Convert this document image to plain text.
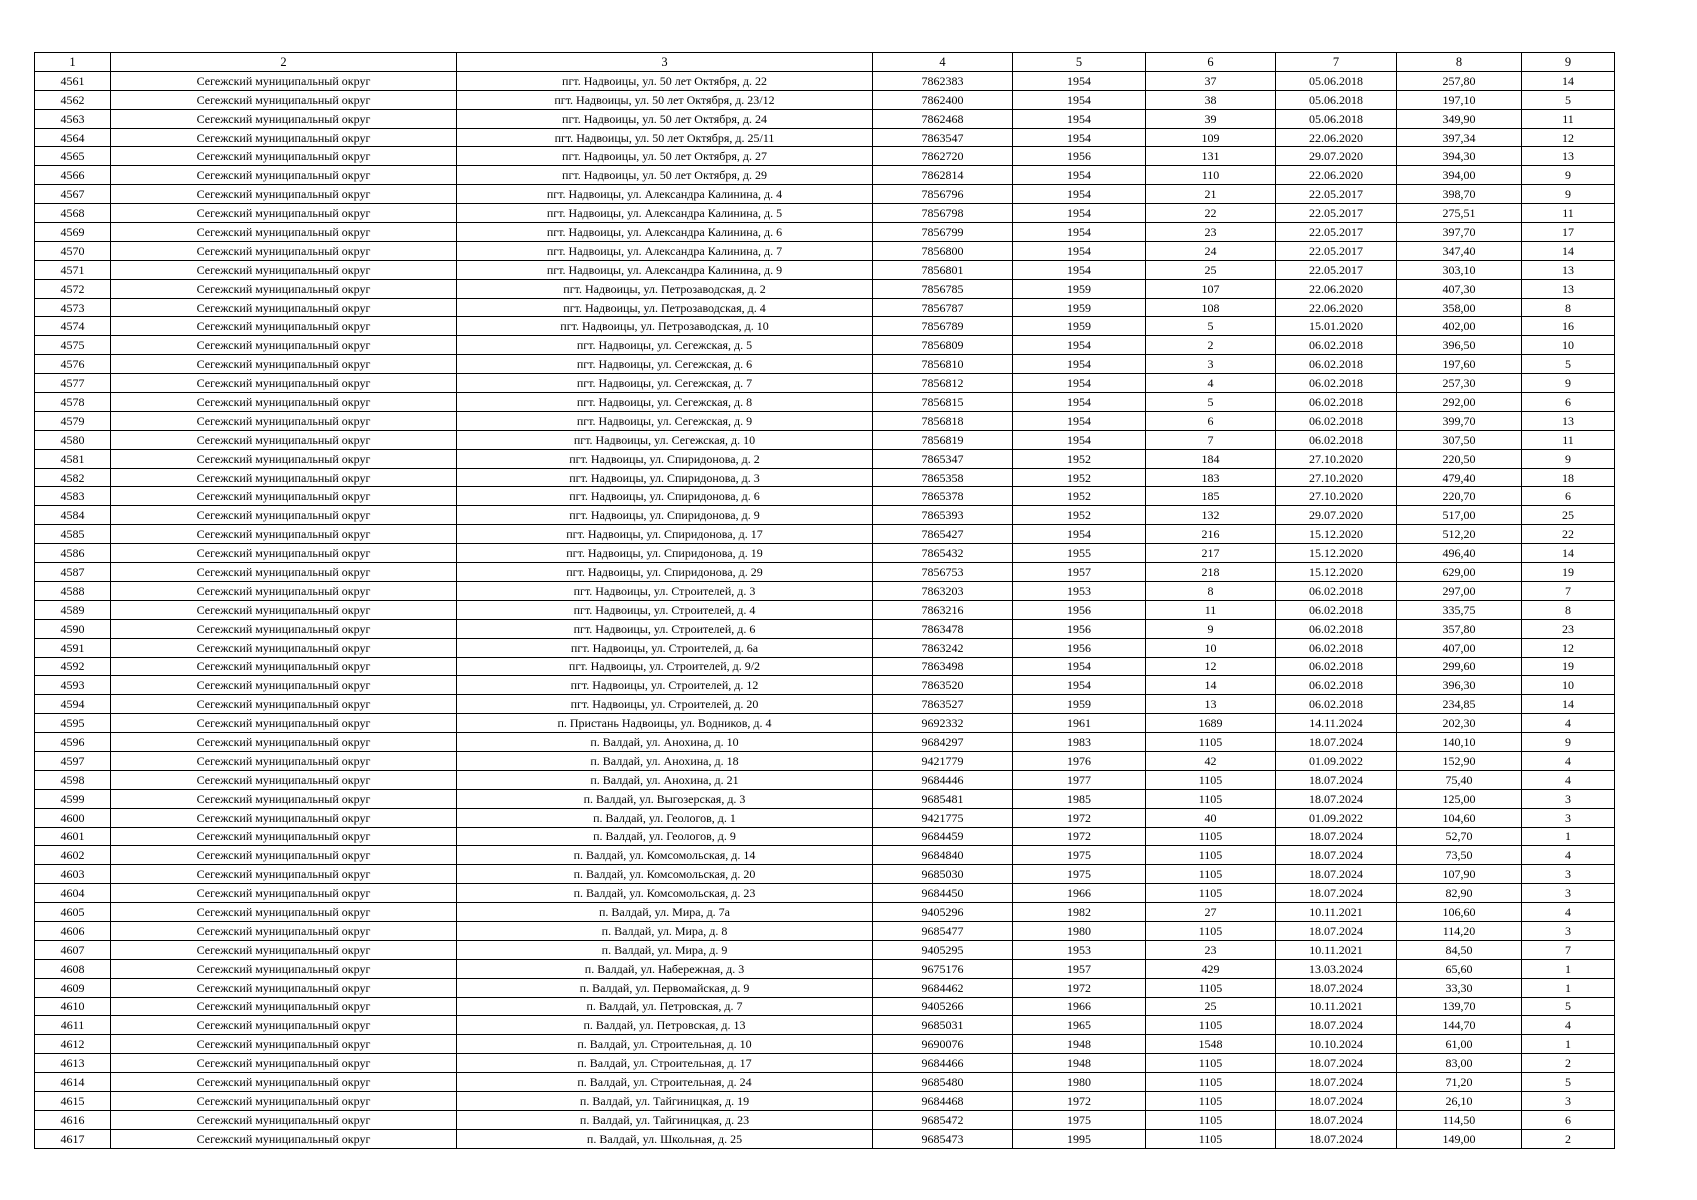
1	2	3	4	5	6	7	8	9
4561	Сегежский муниципальный округ	пгт. Надвоицы, ул. 50 лет Октября, д. 22	7862383	1954	37	05.06.2018	257,80	14
4562	Сегежский муниципальный округ	пгт. Надвоицы, ул. 50 лет Октября, д. 23/12	7862400	1954	38	05.06.2018	197,10	5
4563	Сегежский муниципальный округ	пгт. Надвоицы, ул. 50 лет Октября, д. 24	7862468	1954	39	05.06.2018	349,90	11
4564	Сегежский муниципальный округ	пгт. Надвоицы, ул. 50 лет Октября, д. 25/11	7863547	1954	109	22.06.2020	397,34	12
4565	Сегежский муниципальный округ	пгт. Надвоицы, ул. 50 лет Октября, д. 27	7862720	1956	131	29.07.2020	394,30	13
4566	Сегежский муниципальный округ	пгт. Надвоицы, ул. 50 лет Октября, д. 29	7862814	1954	110	22.06.2020	394,00	9
4567	Сегежский муниципальный округ	пгт. Надвоицы, ул. Александра Калинина, д. 4	7856796	1954	21	22.05.2017	398,70	9
4568	Сегежский муниципальный округ	пгт. Надвоицы, ул. Александра Калинина, д. 5	7856798	1954	22	22.05.2017	275,51	11
4569	Сегежский муниципальный округ	пгт. Надвоицы, ул. Александра Калинина, д. 6	7856799	1954	23	22.05.2017	397,70	17
4570	Сегежский муниципальный округ	пгт. Надвоицы, ул. Александра Калинина, д. 7	7856800	1954	24	22.05.2017	347,40	14
4571	Сегежский муниципальный округ	пгт. Надвоицы, ул. Александра Калинина, д. 9	7856801	1954	25	22.05.2017	303,10	13
4572	Сегежский муниципальный округ	пгт. Надвоицы, ул. Петрозаводская, д. 2	7856785	1959	107	22.06.2020	407,30	13
4573	Сегежский муниципальный округ	пгт. Надвоицы, ул. Петрозаводская, д. 4	7856787	1959	108	22.06.2020	358,00	8
4574	Сегежский муниципальный округ	пгт. Надвоицы, ул. Петрозаводская, д. 10	7856789	1959	5	15.01.2020	402,00	16
4575	Сегежский муниципальный округ	пгт. Надвоицы, ул. Сегежская, д. 5	7856809	1954	2	06.02.2018	396,50	10
4576	Сегежский муниципальный округ	пгт. Надвоицы, ул. Сегежская, д. 6	7856810	1954	3	06.02.2018	197,60	5
4577	Сегежский муниципальный округ	пгт. Надвоицы, ул. Сегежская, д. 7	7856812	1954	4	06.02.2018	257,30	9
4578	Сегежский муниципальный округ	пгт. Надвоицы, ул. Сегежская, д. 8	7856815	1954	5	06.02.2018	292,00	6
4579	Сегежский муниципальный округ	пгт. Надвоицы, ул. Сегежская, д. 9	7856818	1954	6	06.02.2018	399,70	13
4580	Сегежский муниципальный округ	пгт. Надвоицы, ул. Сегежская, д. 10	7856819	1954	7	06.02.2018	307,50	11
4581	Сегежский муниципальный округ	пгт. Надвоицы, ул. Спиридонова, д. 2	7865347	1952	184	27.10.2020	220,50	9
4582	Сегежский муниципальный округ	пгт. Надвоицы, ул. Спиридонова, д. 3	7865358	1952	183	27.10.2020	479,40	18
4583	Сегежский муниципальный округ	пгт. Надвоицы, ул. Спиридонова, д. 6	7865378	1952	185	27.10.2020	220,70	6
4584	Сегежский муниципальный округ	пгт. Надвоицы, ул. Спиридонова, д. 9	7865393	1952	132	29.07.2020	517,00	25
4585	Сегежский муниципальный округ	пгт. Надвоицы, ул. Спиридонова, д. 17	7865427	1954	216	15.12.2020	512,20	22
4586	Сегежский муниципальный округ	пгт. Надвоицы, ул. Спиридонова, д. 19	7865432	1955	217	15.12.2020	496,40	14
4587	Сегежский муниципальный округ	пгт. Надвоицы, ул. Спиридонова, д. 29	7856753	1957	218	15.12.2020	629,00	19
4588	Сегежский муниципальный округ	пгт. Надвоицы, ул. Строителей, д. 3	7863203	1953	8	06.02.2018	297,00	7
4589	Сегежский муниципальный округ	пгт. Надвоицы, ул. Строителей, д. 4	7863216	1956	11	06.02.2018	335,75	8
4590	Сегежский муниципальный округ	пгт. Надвоицы, ул. Строителей, д. 6	7863478	1956	9	06.02.2018	357,80	23
4591	Сегежский муниципальный округ	пгт. Надвоицы, ул. Строителей, д. 6а	7863242	1956	10	06.02.2018	407,00	12
4592	Сегежский муниципальный округ	пгт. Надвоицы, ул. Строителей, д. 9/2	7863498	1954	12	06.02.2018	299,60	19
4593	Сегежский муниципальный округ	пгт. Надвоицы, ул. Строителей, д. 12	7863520	1954	14	06.02.2018	396,30	10
4594	Сегежский муниципальный округ	пгт. Надвоицы, ул. Строителей, д. 20	7863527	1959	13	06.02.2018	234,85	14
4595	Сегежский муниципальный округ	п. Пристань Надвоицы, ул. Водников, д. 4	9692332	1961	1689	14.11.2024	202,30	4
4596	Сегежский муниципальный округ	п. Валдай, ул. Анохина, д. 10	9684297	1983	1105	18.07.2024	140,10	9
4597	Сегежский муниципальный округ	п. Валдай, ул. Анохина, д. 18	9421779	1976	42	01.09.2022	152,90	4
4598	Сегежский муниципальный округ	п. Валдай, ул. Анохина, д. 21	9684446	1977	1105	18.07.2024	75,40	4
4599	Сегежский муниципальный округ	п. Валдай, ул. Выгозерская, д. 3	9685481	1985	1105	18.07.2024	125,00	3
4600	Сегежский муниципальный округ	п. Валдай, ул. Геологов, д. 1	9421775	1972	40	01.09.2022	104,60	3
4601	Сегежский муниципальный округ	п. Валдай, ул. Геологов, д. 9	9684459	1972	1105	18.07.2024	52,70	1
4602	Сегежский муниципальный округ	п. Валдай, ул. Комсомольская, д. 14	9684840	1975	1105	18.07.2024	73,50	4
4603	Сегежский муниципальный округ	п. Валдай, ул. Комсомольская, д. 20	9685030	1975	1105	18.07.2024	107,90	3
4604	Сегежский муниципальный округ	п. Валдай, ул. Комсомольская, д. 23	9684450	1966	1105	18.07.2024	82,90	3
4605	Сегежский муниципальный округ	п. Валдай, ул. Мира, д. 7а	9405296	1982	27	10.11.2021	106,60	4
4606	Сегежский муниципальный округ	п. Валдай, ул. Мира, д. 8	9685477	1980	1105	18.07.2024	114,20	3
4607	Сегежский муниципальный округ	п. Валдай, ул. Мира, д. 9	9405295	1953	23	10.11.2021	84,50	7
4608	Сегежский муниципальный округ	п. Валдай, ул. Набережная, д. 3	9675176	1957	429	13.03.2024	65,60	1
4609	Сегежский муниципальный округ	п. Валдай, ул. Первомайская, д. 9	9684462	1972	1105	18.07.2024	33,30	1
4610	Сегежский муниципальный округ	п. Валдай, ул. Петровская, д. 7	9405266	1966	25	10.11.2021	139,70	5
4611	Сегежский муниципальный округ	п. Валдай, ул. Петровская, д. 13	9685031	1965	1105	18.07.2024	144,70	4
4612	Сегежский муниципальный округ	п. Валдай, ул. Строительная, д. 10	9690076	1948	1548	10.10.2024	61,00	1
4613	Сегежский муниципальный округ	п. Валдай, ул. Строительная, д. 17	9684466	1948	1105	18.07.2024	83,00	2
4614	Сегежский муниципальный округ	п. Валдай, ул. Строительная, д. 24	9685480	1980	1105	18.07.2024	71,20	5
4615	Сегежский муниципальный округ	п. Валдай, ул. Тайгиницкая, д. 19	9684468	1972	1105	18.07.2024	26,10	3
4616	Сегежский муниципальный округ	п. Валдай, ул. Тайгиницкая, д. 23	9685472	1975	1105	18.07.2024	114,50	6
4617	Сегежский муниципальный округ	п. Валдай, ул. Школьная, д. 25	9685473	1995	1105	18.07.2024	149,00	2
